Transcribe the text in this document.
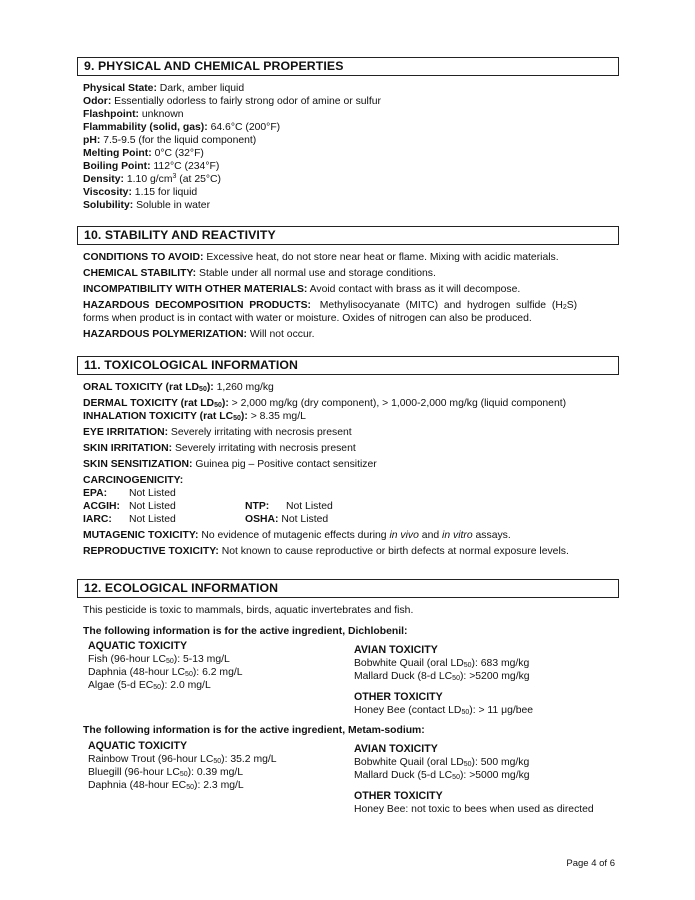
9. PHYSICAL AND CHEMICAL PROPERTIES
Physical State: Dark, amber liquid
Odor: Essentially odorless to fairly strong odor of amine or sulfur
Flashpoint: unknown
Flammability (solid, gas): 64.6°C (200°F)
pH: 7.5-9.5 (for the liquid component)
Melting Point: 0°C (32°F)
Boiling Point: 112°C (234°F)
Density: 1.10 $g/cm^3$ (at 25°C)
Viscosity: 1.15 for liquid
Solubility: Soluble in water
10. STABILITY AND REACTIVITY
CONDITIONS TO AVOID: Excessive heat, do not store near heat or flame. Mixing with acidic materials.
CHEMICAL STABILITY: Stable under all normal use and storage conditions.
INCOMPATIBILITY WITH OTHER MATERIALS: Avoid contact with brass as it will decompose.
HAZARDOUS  DECOMPOSITION  PRODUCTS:   Methylisocyanate  (MITC)  and  hydrogen  sulfide  (H2S)
forms when product is in contact with water or moisture. Oxides of nitrogen can also be produced.
HAZARDOUS POLYMERIZATION: Will not occur.
11. TOXICOLOGICAL INFORMATION
ORAL TOXICITY (rat LD50): 1,260 mg/kg
DERMAL TOXICITY (rat LD50): > 2,000 mg/kg (dry component), > 1,000-2,000 mg/kg (liquid component)
INHALATION TOXICITY (rat LC50): > 8.35 mg/L
EYE IRRITATION: Severely irritating with necrosis present
SKIN IRRITATION: Severely irritating with necrosis present
SKIN SENSITIZATION: Guinea pig – Positive contact sensitizer
CARCINOGENICITY:
EPA: Not Listed
ACGIH: Not Listed	NTP: Not Listed
IARC: Not Listed	OSHA: Not Listed
MUTAGENIC TOXICITY: No evidence of mutagenic effects during in vivo and in vitro assays.
REPRODUCTIVE TOXICITY: Not known to cause reproductive or birth defects at normal exposure levels.
12. ECOLOGICAL INFORMATION
This pesticide is toxic to mammals, birds, aquatic invertebrates and fish.
The following information is for the active ingredient, Dichlobenil:
AQUATIC TOXICITY
Fish (96-hour LC50): 5-13 mg/L
Daphnia (48-hour LC50): 6.2 mg/L
Algae (5-d EC50): 2.0 mg/L
AVIAN TOXICITY
Bobwhite Quail (oral LD50): 683 mg/kg
Mallard Duck (8-d LC50): >5200 mg/kg
OTHER TOXICITY
Honey Bee (contact LD50): > 11 μg/bee
The following information is for the active ingredient, Metam-sodium:
AQUATIC TOXICITY
Rainbow Trout (96-hour LC50): 35.2 mg/L
Bluegill (96-hour LC50): 0.39 mg/L
Daphnia (48-hour EC50): 2.3 mg/L
AVIAN TOXICITY
Bobwhite Quail (oral LD50): 500 mg/kg
Mallard Duck (5-d LC50): >5000 mg/kg
OTHER TOXICITY
Honey Bee: not toxic to bees when used as directed
Page 4 of 6
